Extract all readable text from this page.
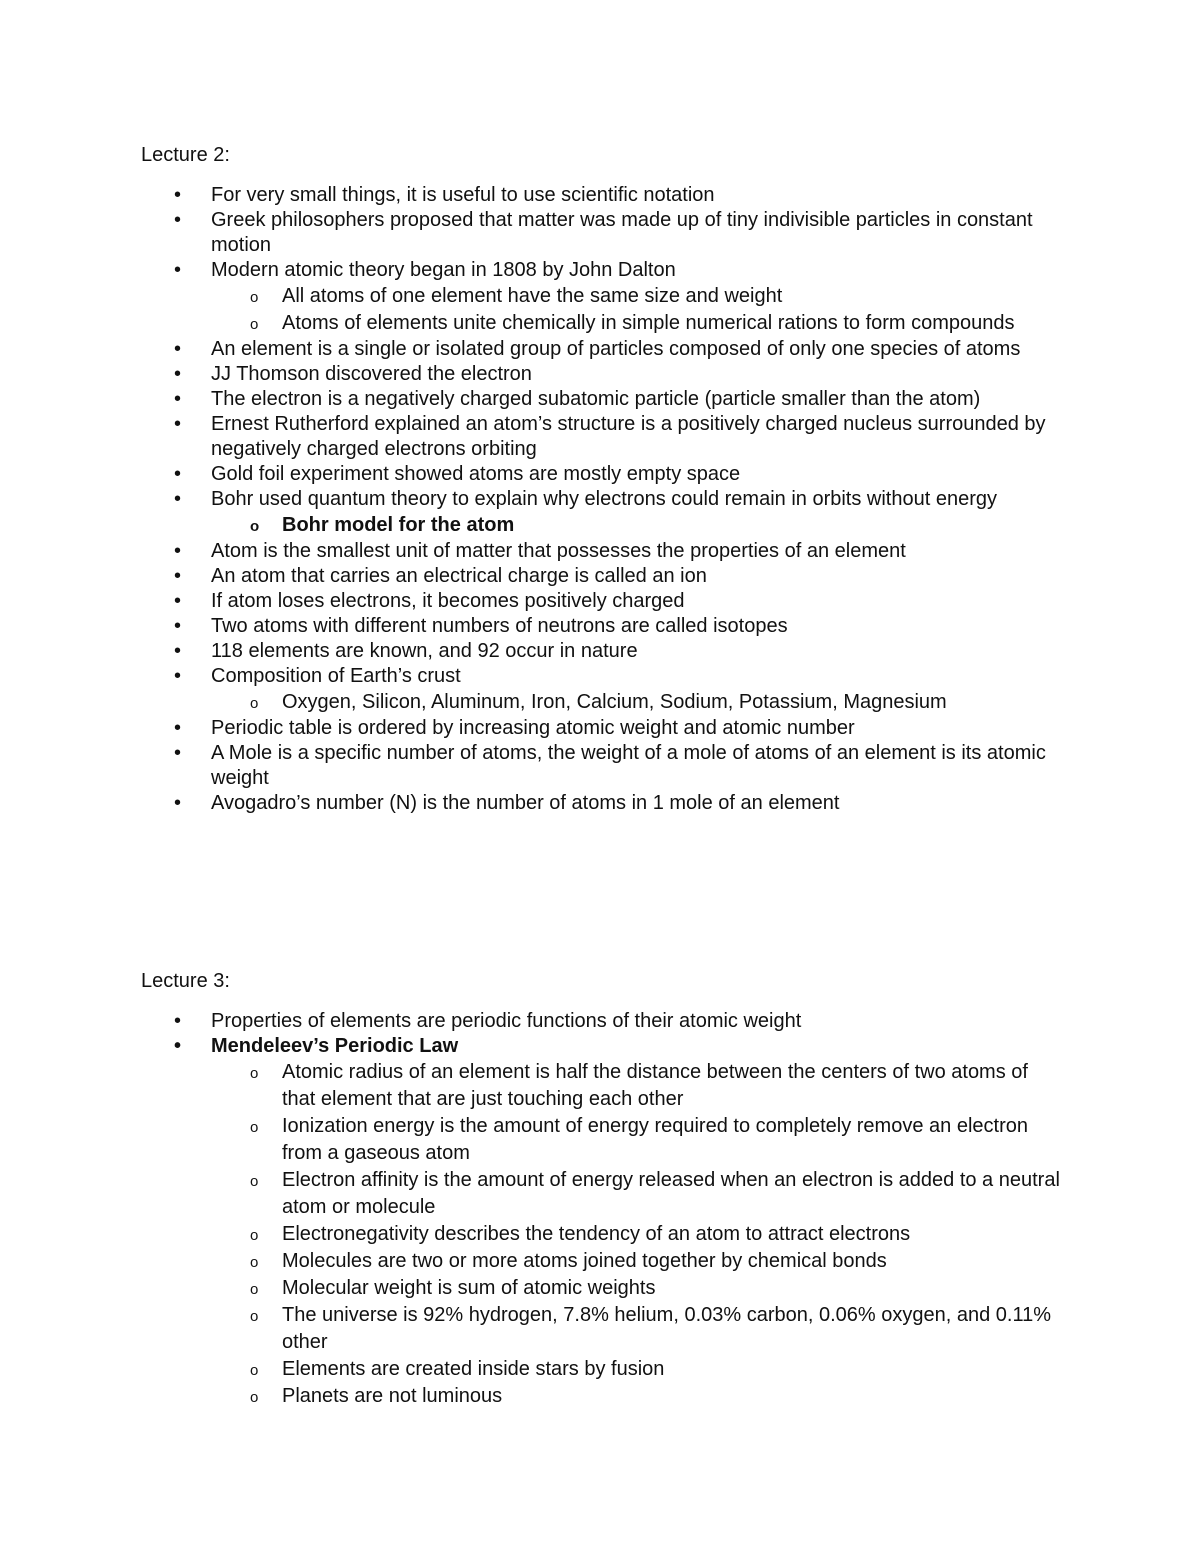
Lecture 2:
• For very small things, it is useful to use scientific notation
• Greek philosophers proposed that matter was made up of tiny indivisible particles in constant motion
• Modern atomic theory began in 1808 by John Dalton
o All atoms of one element have the same size and weight
o Atoms of elements unite chemically in simple numerical rations to form compounds
• An element is a single or isolated group of particles composed of only one species of atoms
• JJ Thomson discovered the electron
• The electron is a negatively charged subatomic particle (particle smaller than the atom)
• Ernest Rutherford explained an atom’s structure is a positively charged nucleus surrounded by negatively charged electrons orbiting
• Gold foil experiment showed atoms are mostly empty space
• Bohr used quantum theory to explain why electrons could remain in orbits without energy
o Bohr model for the atom
• Atom is the smallest unit of matter that possesses the properties of an element
• An atom that carries an electrical charge is called an ion
• If atom loses electrons, it becomes positively charged
• Two atoms with different numbers of neutrons are called isotopes
• 118 elements are known, and 92 occur in nature
• Composition of Earth’s crust
o Oxygen, Silicon, Aluminum, Iron, Calcium, Sodium, Potassium, Magnesium
• Periodic table is ordered by increasing atomic weight and atomic number
• A Mole is a specific number of atoms, the weight of a mole of atoms of an element is its atomic weight
• Avogadro’s number (N) is the number of atoms in 1 mole of an element
Lecture 3:
• Properties of elements are periodic functions of their atomic weight
• Mendeleev’s Periodic Law
o Atomic radius of an element is half the distance between the centers of two atoms of that element that are just touching each other
o Ionization energy is the amount of energy required to completely remove an electron from a gaseous atom
o Electron affinity is the amount of energy released when an electron is added to a neutral atom or molecule
o Electronegativity describes the tendency of an atom to attract electrons
o Molecules are two or more atoms joined together by chemical bonds
o Molecular weight is sum of atomic weights
o The universe is 92% hydrogen, 7.8% helium, 0.03% carbon, 0.06% oxygen, and 0.11% other
o Elements are created inside stars by fusion
o Planets are not luminous
